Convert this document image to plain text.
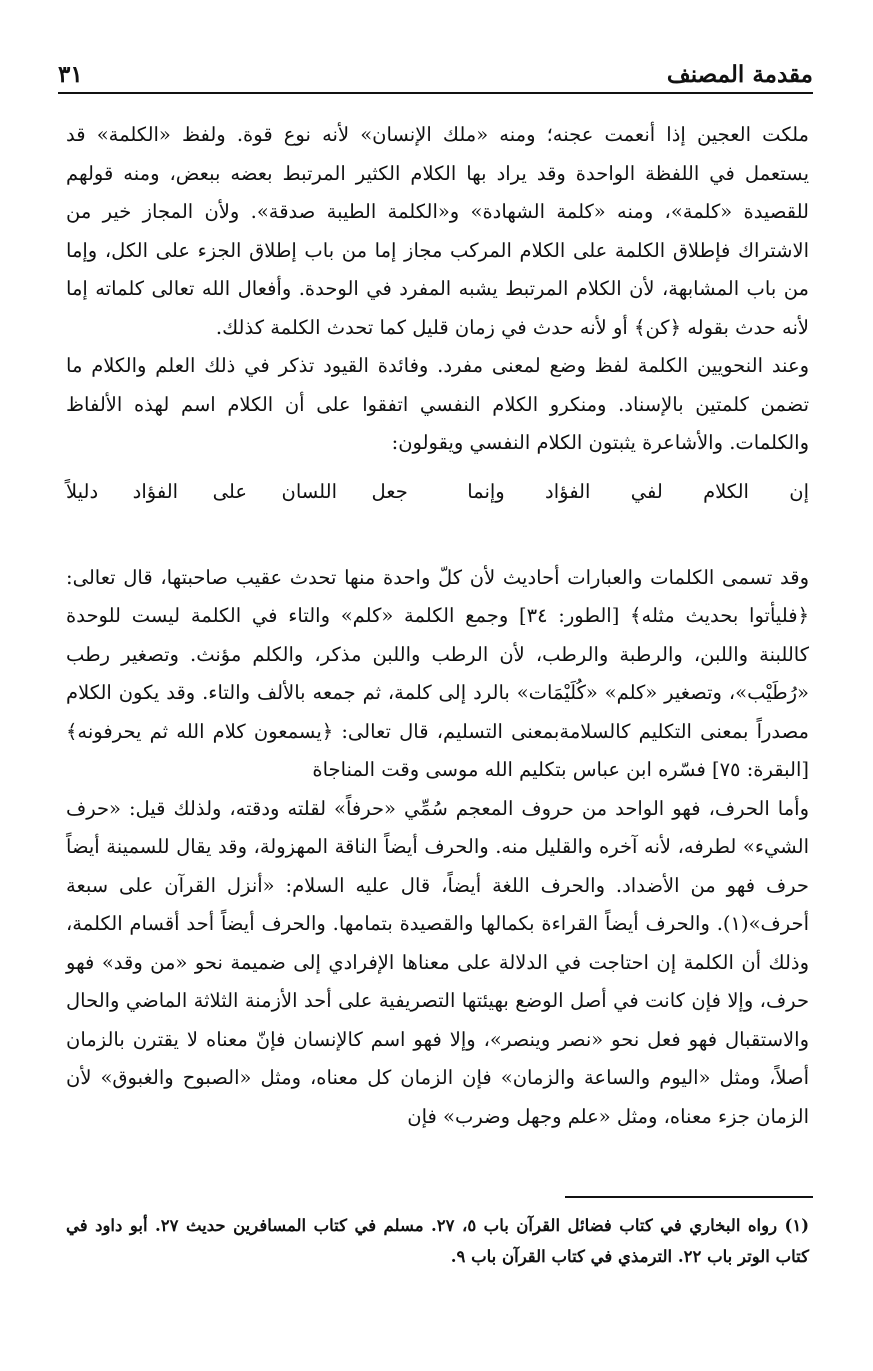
مقدمة المصنف
٣١

ملكت العجين إذا أنعمت عجنه؛ ومنه «ملك الإنسان» لأنه نوع قوة. ولفظ «الكلمة» قد يستعمل في اللفظة الواحدة وقد يراد بها الكلام الكثير المرتبط بعضه ببعض، ومنه قولهم للقصيدة «كلمة»، ومنه «كلمة الشهادة» و«الكلمة الطيبة صدقة». ولأن المجاز خير من الاشتراك فإطلاق الكلمة على الكلام المركب مجاز إما من باب إطلاق الجزء على الكل، وإما من باب المشابهة، لأن الكلام المرتبط يشبه المفرد في الوحدة. وأفعال الله تعالى كلماته إما لأنه حدث بقوله ﴿كن﴾ أو لأنه حدث في زمان قليل كما تحدث الكلمة كذلك.

وعند النحويين الكلمة لفظ وضع لمعنى مفرد. وفائدة القيود تذكر في ذلك العلم والكلام ما تضمن كلمتين بالإسناد. ومنكرو الكلام النفسي اتفقوا على أن الكلام اسم لهذه الألفاظ والكلمات. والأشاعرة يثبتون الكلام النفسي ويقولون:

إن الكلام لفي الفؤاد وإنما
جعل اللسان على الفؤاد دليلاً

وقد تسمى الكلمات والعبارات أحاديث لأن كلّ واحدة منها تحدث عقيب صاحبتها، قال تعالى: ﴿فليأتوا بحديث مثله﴾ [الطور: ٣٤] وجمع الكلمة «كلم» والتاء في الكلمة ليست للوحدة كاللبنة واللبن، والرطبة والرطب، لأن الرطب واللبن مذكر، والكلم مؤنث. وتصغير رطب «رُطَيْب»، وتصغير «كلم» «كُلَيْمَات» بالرد إلى كلمة، ثم جمعه بالألف والتاء. وقد يكون الكلام مصدراً بمعنى التكليم كالسلامةبمعنى التسليم، قال تعالى: ﴿يسمعون كلام الله ثم يحرفونه﴾ [البقرة: ٧٥] فسّره ابن عباس بتكليم الله موسى وقت المناجاة

وأما الحرف، فهو الواحد من حروف المعجم سُمِّي «حرفاً» لقلته ودقته، ولذلك قيل: «حرف الشيء» لطرفه، لأنه آخره والقليل منه. والحرف أيضاً الناقة المهزولة، وقد يقال للسمينة أيضاً حرف فهو من الأضداد. والحرف اللغة أيضاً، قال عليه السلام: «أنزل القرآن على سبعة أحرف»(١). والحرف أيضاً القراءة بكمالها والقصيدة بتمامها. والحرف أيضاً أحد أقسام الكلمة، وذلك أن الكلمة إن احتاجت في الدلالة على معناها الإفرادي إلى ضميمة نحو «من وقد» فهو حرف، وإلا فإن كانت في أصل الوضع بهيئتها التصريفية على أحد الأزمنة الثلاثة الماضي والحال والاستقبال فهو فعل نحو «نصر وينصر»، وإلا فهو اسم كالإنسان فإنّ معناه لا يقترن بالزمان أصلاً، ومثل «اليوم والساعة والزمان» فإن الزمان كل معناه، ومثل «الصبوح والغبوق» لأن الزمان جزء معناه، ومثل «علم وجهل وضرب» فإن

(١) رواه البخاري في كتاب فضائل القرآن باب ٥، ٢٧. مسلم في كتاب المسافرين حديث ٢٧. أبو داود في كتاب الوتر باب ٢٢. الترمذي في كتاب القرآن باب ٩.
